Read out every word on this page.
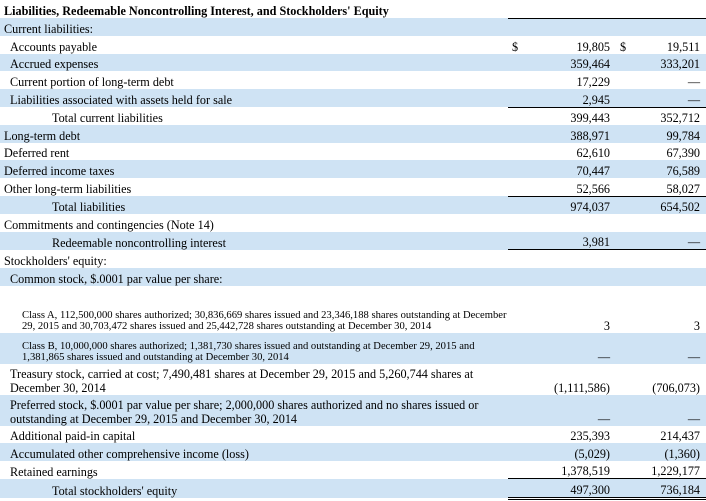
Liabilities, Redeemable Noncontrolling Interest, and Stockholders' Equity				
Current liabilities:				
Accounts payable	$	19,805	$	19,511
Accrued expenses		359,464		333,201
Current portion of long-term debt		17,229		—
Liabilities associated with assets held for sale		2,945		—
Total current liabilities		399,443		352,712
Long-term debt		388,971		99,784
Deferred rent		62,610		67,390
Deferred income taxes		70,447		76,589
Other long-term liabilities		52,566		58,027
Total liabilities		974,037		654,502
Commitments and contingencies (Note 14)				
Redeemable noncontrolling interest		3,981		—
Stockholders' equity:				
Common stock, $.0001 par value per share:				
Class A, 112,500,000 shares authorized; 30,836,669 shares issued and 23,346,188 shares outstanding at December 29, 2015 and 30,703,472 shares issued and 25,442,728 shares outstanding at December 30, 2014		3		3
Class B, 10,000,000 shares authorized; 1,381,730 shares issued and outstanding at December 29, 2015 and 1,381,865 shares issued and outstanding at December 30, 2014		—		—
Treasury stock, carried at cost; 7,490,481 shares at December 29, 2015 and 5,260,744 shares at December 30, 2014		(1,111,586)		(706,073)
Preferred stock, $.0001 par value per share; 2,000,000 shares authorized and no shares issued or outstanding at December 29, 2015 and December 30, 2014		—		—
Additional paid-in capital		235,393		214,437
Accumulated other comprehensive income (loss)		(5,029)		(1,360)
Retained earnings		1,378,519		1,229,177
Total stockholders' equity		497,300		736,184
